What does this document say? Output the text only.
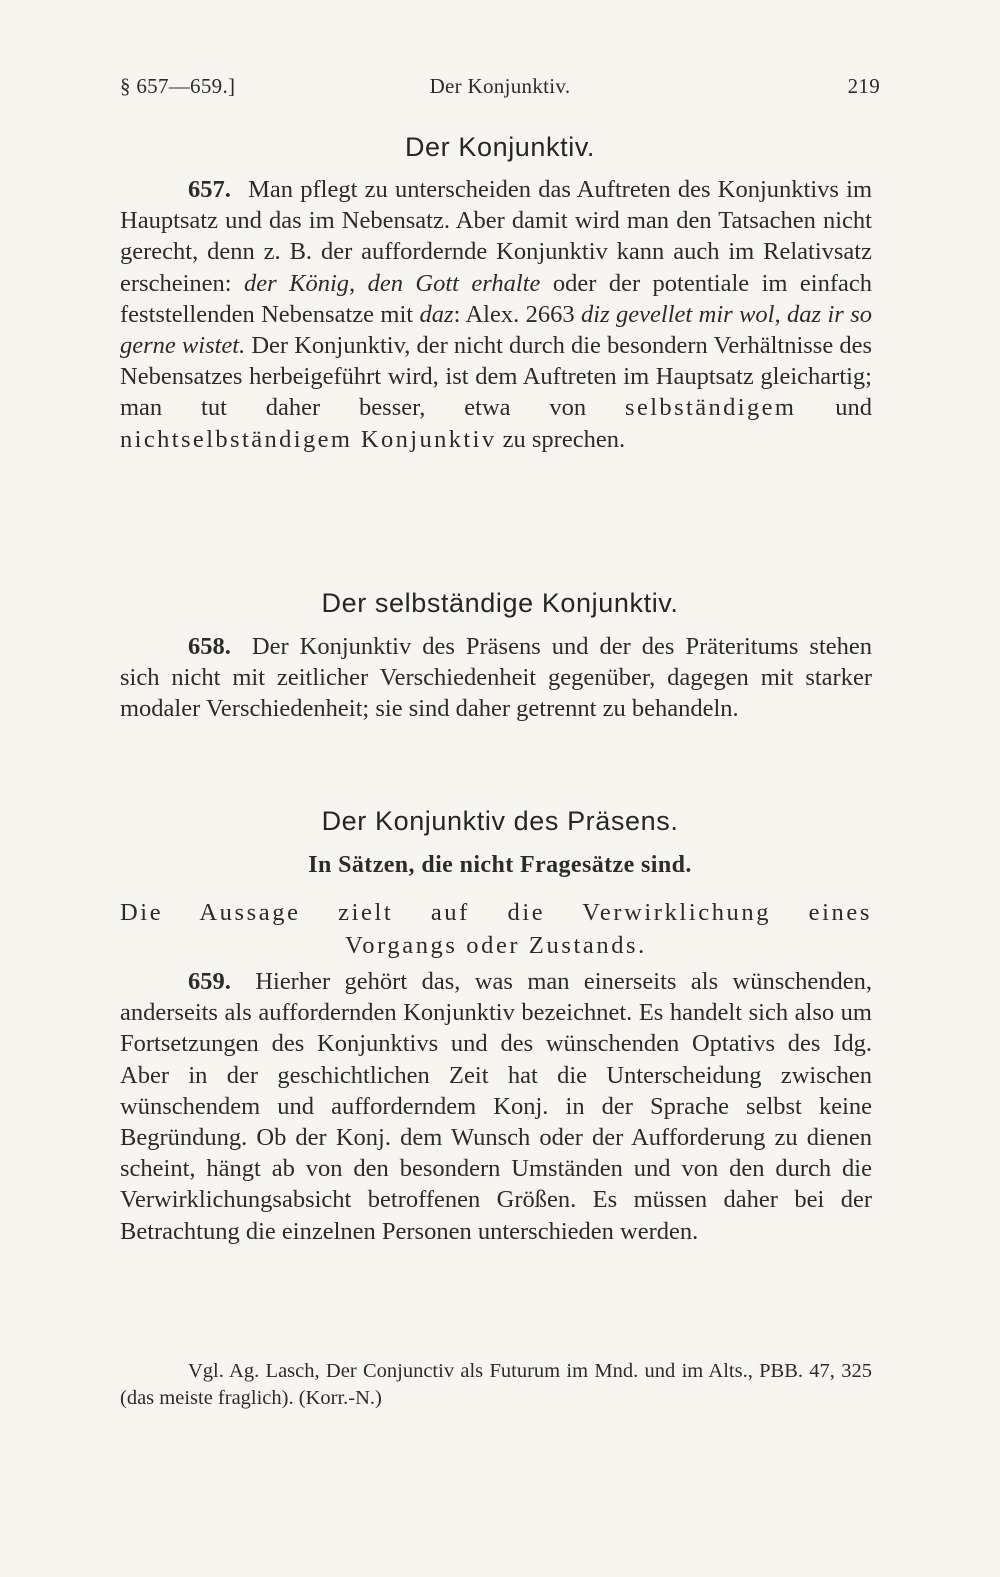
§ 657—659.]	Der Konjunktiv.	219
Der Konjunktiv.
657. Man pflegt zu unterscheiden das Auftreten des Konjunktivs im Hauptsatz und das im Nebensatz. Aber damit wird man den Tatsachen nicht gerecht, denn z. B. der auffordernde Konjunktiv kann auch im Relativsatz erscheinen: der König, den Gott erhalte oder der potentiale im einfach feststellenden Nebensatze mit daz: Alex. 2663 diz gevellet mir wol, daz ir so gerne wistet. Der Konjunktiv, der nicht durch die besondern Verhältnisse des Nebensatzes herbeigeführt wird, ist dem Auftreten im Hauptsatz gleichartig; man tut daher besser, etwa von selbständigem und nichtselbständigem Konjunktiv zu sprechen.
Der selbständige Konjunktiv.
658. Der Konjunktiv des Präsens und der des Präteritums stehen sich nicht mit zeitlicher Verschiedenheit gegenüber, dagegen mit starker modaler Verschiedenheit; sie sind daher getrennt zu behandeln.
Der Konjunktiv des Präsens.
In Sätzen, die nicht Fragesätze sind.
Die Aussage zielt auf die Verwirklichung eines
Vorgangs oder Zustands.
659. Hierher gehört das, was man einerseits als wünschenden, anderseits als auffordernden Konjunktiv bezeichnet. Es handelt sich also um Fortsetzungen des Konjunktivs und des wünschenden Optativs des Idg. Aber in der geschichtlichen Zeit hat die Unterscheidung zwischen wünschendem und aufforderndem Konj. in der Sprache selbst keine Begründung. Ob der Konj. dem Wunsch oder der Aufforderung zu dienen scheint, hängt ab von den besondern Umständen und von den durch die Verwirklichungsabsicht betroffenen Größen. Es müssen daher bei der Betrachtung die einzelnen Personen unterschieden werden.
Vgl. Ag. Lasch, Der Conjunctiv als Futurum im Mnd. und im Alts., PBB. 47, 325 (das meiste fraglich). (Korr.-N.)
